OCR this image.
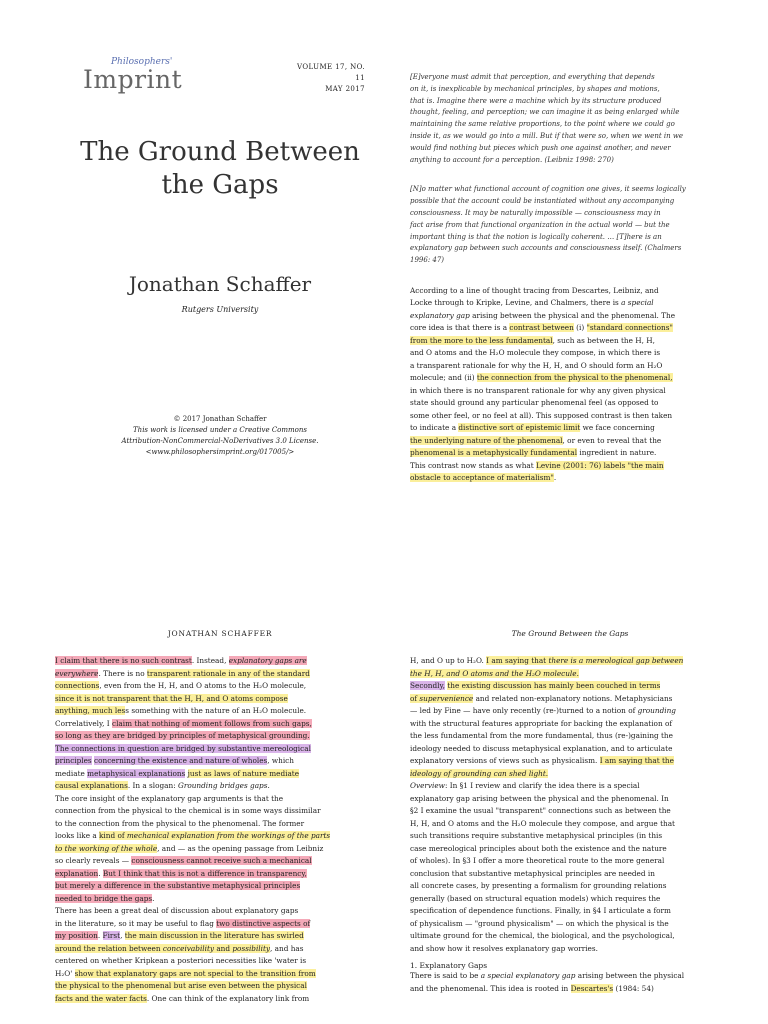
Philosophers'
Imprint	VOLUME 17, NO. 11
MAY 2017
The Ground Between
the Gaps
Jonathan Schaffer
Rutgers University
© 2017 Jonathan Schaffer
This work is licensed under a Creative Commons
Attribution-NonCommercial-NoDerivatives 3.0 License.
<www.philosophersimprint.org/017005/>
[E]veryone must admit that perception, and everything that depends
on it, is inexplicable by mechanical principles, by shapes and motions,
that is. Imagine there were a machine which by its structure produced
thought, feeling, and perception; we can imagine it as being enlarged while
maintaining the same relative proportions, to the point where we could go
inside it, as we would go into a mill. But if that were so, when we went in we
would find nothing but pieces which push one against another, and never
anything to account for a perception. (Leibniz 1998: 270)
[N]o matter what functional account of cognition one gives, it seems logically
possible that the account could be instantiated without any accompanying
consciousness. It may be naturally impossible — consciousness may in
fact arise from that functional organization in the actual world — but the
important thing is that the notion is logically coherent. … [T]here is an
explanatory gap between such accounts and consciousness itself. (Chalmers
1996: 47)
According to a line of thought tracing from Descartes, Leibniz, and
Locke through to Kripke, Levine, and Chalmers, there is a special
explanatory gap arising between the physical and the phenomenal. The
core idea is that there is a contrast between (i) "standard connections"
from the more to the less fundamental, such as between the H, H,
and O atoms and the H₂O molecule they compose, in which there is
a transparent rationale for why the H, H, and O should form an H₂O
molecule; and (ii) the connection from the physical to the phenomenal,
in which there is no transparent rationale for why any given physical
state should ground any particular phenomenal feel (as opposed to
some other feel, or no feel at all). This supposed contrast is then taken
to indicate a distinctive sort of epistemic limit we face concerning
the underlying nature of the phenomenal, or even to reveal that the
phenomenal is a metaphysically fundamental ingredient in nature.
This contrast now stands as what Levine (2001: 76) labels "the main
obstacle to acceptance of materialism".
JONATHAN SCHAFFER	The Ground Between the Gaps
I claim that there is no such contrast. Instead, explanatory gaps are
everywhere. There is no transparent rationale in any of the standard
connections, even from the H, H, and O atoms to the H₂O molecule,
since it is not transparent that the H, H, and O atoms compose
anything, much less something with the nature of an H₂O molecule.
Correlatively, I claim that nothing of moment follows from such gaps,
so long as they are bridged by principles of metaphysical grounding.
The connections in question are bridged by substantive mereological
principles concerning the existence and nature of wholes, which
mediate metaphysical explanations just as laws of nature mediate
causal explanations. In a slogan: Grounding bridges gaps.
The core insight of the explanatory gap arguments is that the
connection from the physical to the chemical is in some ways dissimilar
to the connection from the physical to the phenomenal. The former
looks like a kind of mechanical explanation from the workings of the parts
to the working of the whole, and — as the opening passage from Leibniz
so clearly reveals — consciousness cannot receive such a mechanical
explanation. But I think that this is not a difference in transparency,
but merely a difference in the substantive metaphysical principles
needed to bridge the gaps.
There has been a great deal of discussion about explanatory gaps
in the literature, so it may be useful to flag two distinctive aspects of
my position. First, the main discussion in the literature has swirled
around the relation between conceivability and possibility, and has
centered on whether Kripkean a posteriori necessities like 'water is
H₂O' show that explanatory gaps are not special to the transition from
the physical to the phenomenal but arise even between the physical
facts and the water facts. One can think of the explanatory link from
H, and O up to H₂O. I am saying that there is a mereological gap between
the H, H, and O atoms and the H₂O molecule.
Secondly, the existing discussion has mainly been couched in terms
of supervenience and related non-explanatory notions. Metaphysicians
— led by Fine — have only recently (re-)turned to a notion of grounding
with the structural features appropriate for backing the explanation of
the less fundamental from the more fundamental, thus (re-)gaining the
ideology needed to discuss metaphysical explanation, and to articulate
explanatory versions of views such as physicalism. I am saying that the
ideology of grounding can shed light.
Overview: In §1 I review and clarify the idea there is a special
explanatory gap arising between the physical and the phenomenal. In
§2 I examine the usual "transparent" connections such as between the
H, H, and O atoms and the H₂O molecule they compose, and argue that
such transitions require substantive metaphysical principles (in this
case mereological principles about both the existence and the nature
of wholes). In §3 I offer a more theoretical route to the more general
conclusion that substantive metaphysical principles are needed in
all concrete cases, by presenting a formalism for grounding relations
generally (based on structural equation models) which requires the
specification of dependence functions. Finally, in §4 I articulate a form
of physicalism — "ground physicalism" — on which the physical is the
ultimate ground for the chemical, the biological, and the psychological,
and show how it resolves explanatory gap worries.
1. Explanatory Gaps
There is said to be a special explanatory gap arising between the physical
and the phenomenal. This idea is rooted in Descartes's (1984: 54)
